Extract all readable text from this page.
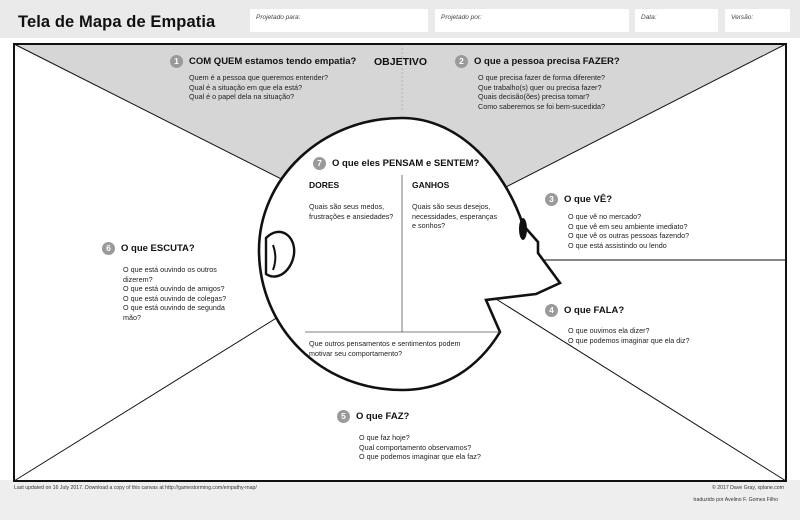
Tela de Mapa de Empatia	Projetado para:	Projetado por:	Data:	Versão:
OBJETIVO
1 COM QUEM estamos tendo empatia?
Quem é a pessoa que queremos entender?
Qual é a situação em que ela está?
Qual é o papel dela na situação?
2 O que a pessoa precisa FAZER?
O que precisa fazer de forma diferente?
Que trabalho(s) quer ou precisa fazer?
Quais decisão(ões) precisa tomar?
Como saberemos se foi bem-sucedida?
3 O que VÊ?
O que vê no mercado?
O que vê em seu ambiente imediato?
O que vê os outras pessoas fazendo?
O que está assistindo ou lendo
4 O que FALA?
O que ouvimos ela dizer?
O que podemos imaginar que ela diz?
5 O que FAZ?
O que faz hoje?
Qual comportamento observamos?
O que podemos imaginar que ela faz?
6 O que ESCUTA?
O que está ouvindo os outros
dizerem?
O que está ouvindo de amigos?
O que está ouvindo de colegas?
O que está ouvindo de segunda
mão?
7 O que eles PENSAM e SENTEM?
DORES
Quais são seus medos,
frustrações e ansiedades?
GANHOS
Quais são seus desejos,
necessidades, esperanças
e sonhos?
Que outros pensamentos e sentimentos podem
motivar seu comportamento?
Last updated on 16 July 2017. Download a copy of this canvas at http://gamestorming.com/empathy-map/	© 2017 Dave Gray, xplane.com
traduzido por Avelino F. Gomes Filho
